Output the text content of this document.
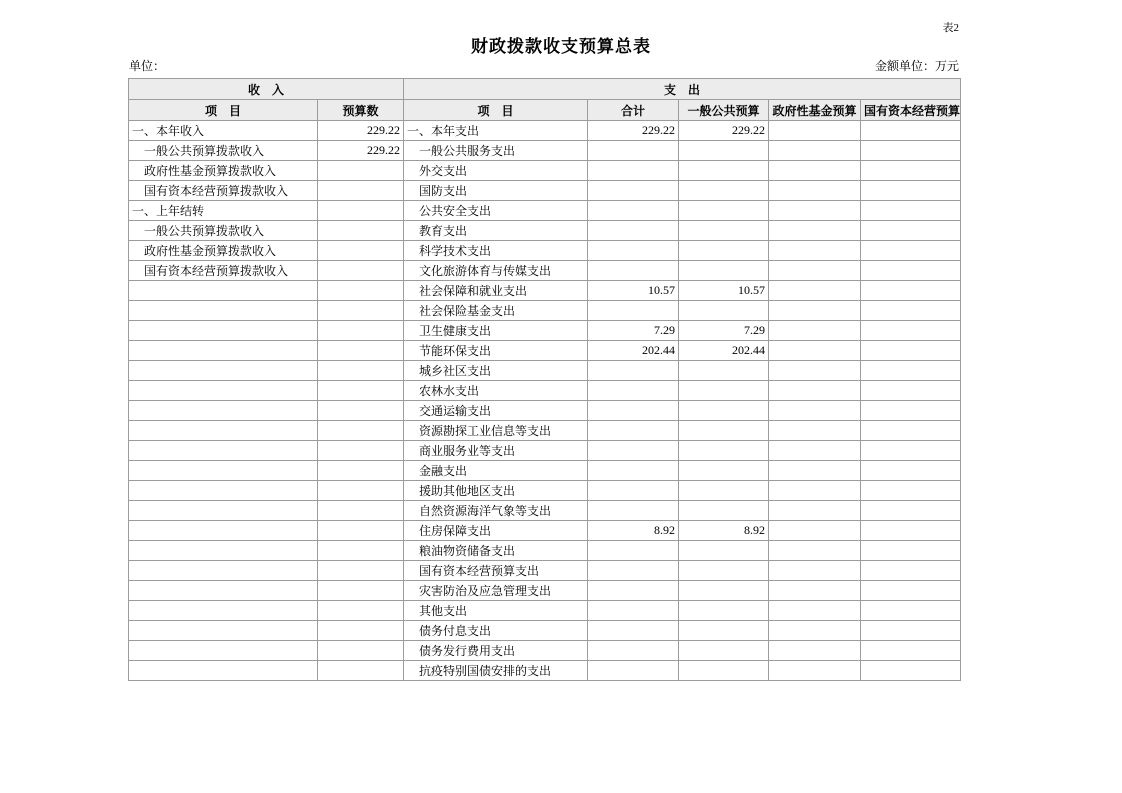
表2
财政拨款收支预算总表
单位：	金额单位：万元
收　入		支　出				
项　目	预算数	项　目	合计	一般公共预算	政府性基金预算	国有资本经营预算
一、本年收入	229.22	一、本年支出	229.22	229.22		
一般公共预算拨款收入	229.22	一般公共服务支出				
政府性基金预算拨款收入		外交支出				
国有资本经营预算拨款收入		国防支出				
一、上年结转		公共安全支出				
一般公共预算拨款收入		教育支出				
政府性基金预算拨款收入		科学技术支出				
国有资本经营预算拨款收入		文化旅游体育与传媒支出				
		社会保障和就业支出	10.57	10.57		
		社会保险基金支出				
		卫生健康支出	7.29	7.29		
		节能环保支出	202.44	202.44		
		城乡社区支出				
		农林水支出				
		交通运输支出				
		资源勘探工业信息等支出				
		商业服务业等支出				
		金融支出				
		援助其他地区支出				
		自然资源海洋气象等支出				
		住房保障支出	8.92	8.92		
		粮油物资储备支出				
		国有资本经营预算支出				
		灾害防治及应急管理支出				
		其他支出				
		债务付息支出				
		债务发行费用支出				
		抗疫特别国债安排的支出				
